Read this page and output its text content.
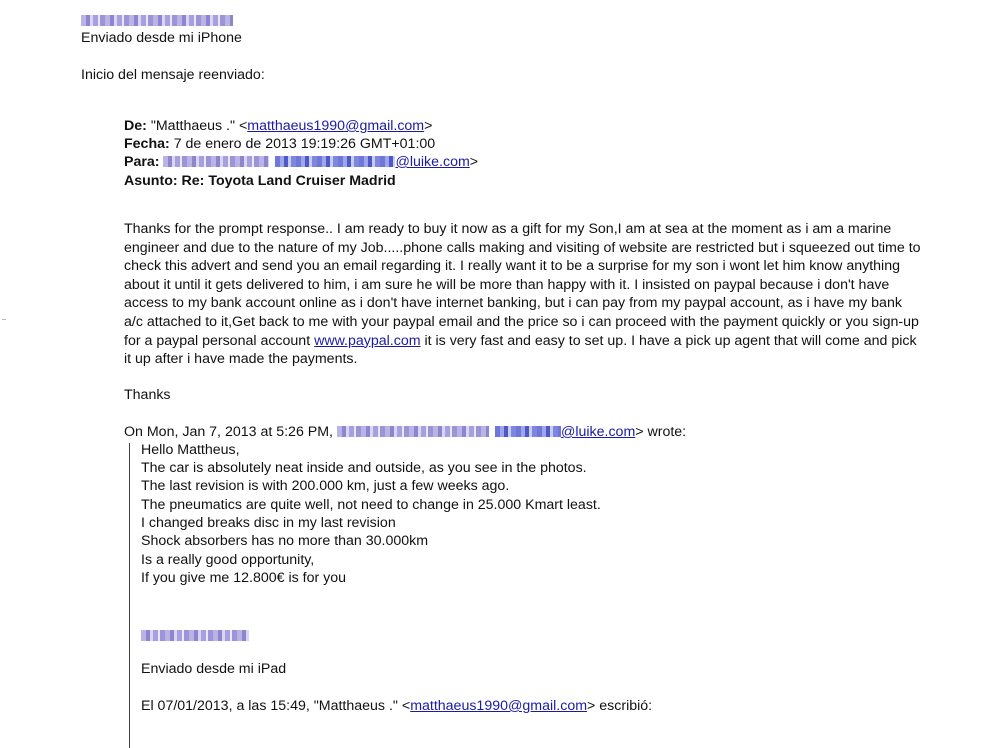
Enviado desde mi iPhone
Inicio del mensaje reenviado:
De: "Matthaeus ." <matthaeus1990@gmail.com>
Fecha: 7 de enero de 2013 19:19:26 GMT+01:00
Para:	@luike.com>
Asunto: Re: Toyota Land Cruiser Madrid
Thanks for the prompt response.. I am ready to buy it now as a gift for my Son,I am at sea at the moment as i am a marine engineer and due to the nature of my Job.....phone calls making and visiting of website are restricted but i squeezed out time to check this advert and send you an email regarding it. I really want it to be a surprise for my son i wont let him know anything about it until it gets delivered to him, i am sure he will be more than happy with it. I insisted on paypal because i don't have access to my bank account online as i don't have internet banking, but i can pay from my paypal account, as i have my bank a/c attached to it,Get back to me with your paypal email and the price so i can proceed with the payment quickly or you sign-up for a paypal personal account www.paypal.com it is very fast and easy to set up. I have a pick up agent that will come and pick it up after i have made the payments.
Thanks
On Mon, Jan 7, 2013 at 5:26 PM,	@luike.com> wrote:
Hello Mattheus,
The car is absolutely neat inside and outside, as you see in the photos.
The last revision is with 200.000 km, just a few weeks ago.
The pneumatics are quite well, not need to change in 25.000 Kmart least.
I changed breaks disc in my last revision
Shock absorbers has no more than 30.000km
Is a really good opportunity,
If you give me 12.800€ is for you
Enviado desde mi iPad
El 07/01/2013, a las 15:49, "Matthaeus ." <matthaeus1990@gmail.com> escribió:
